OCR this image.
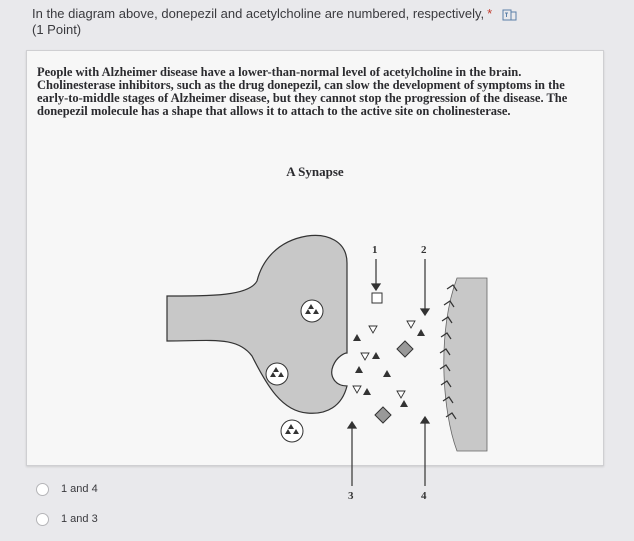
In the diagram above, donepezil and acetylcholine are numbered, respectively, *
(1 Point)
People with Alzheimer disease have a lower-than-normal level of acetylcholine in the brain. Cholinesterase inhibitors, such as the drug donepezil, can slow the development of symptoms in the early-to-middle stages of Alzheimer disease, but they cannot stop the progression of the disease. The donepezil molecule has a shape that allows it to attach to the active site on cholinesterase.
A Synapse
1	2
3	4
1 and 4
1 and 3
